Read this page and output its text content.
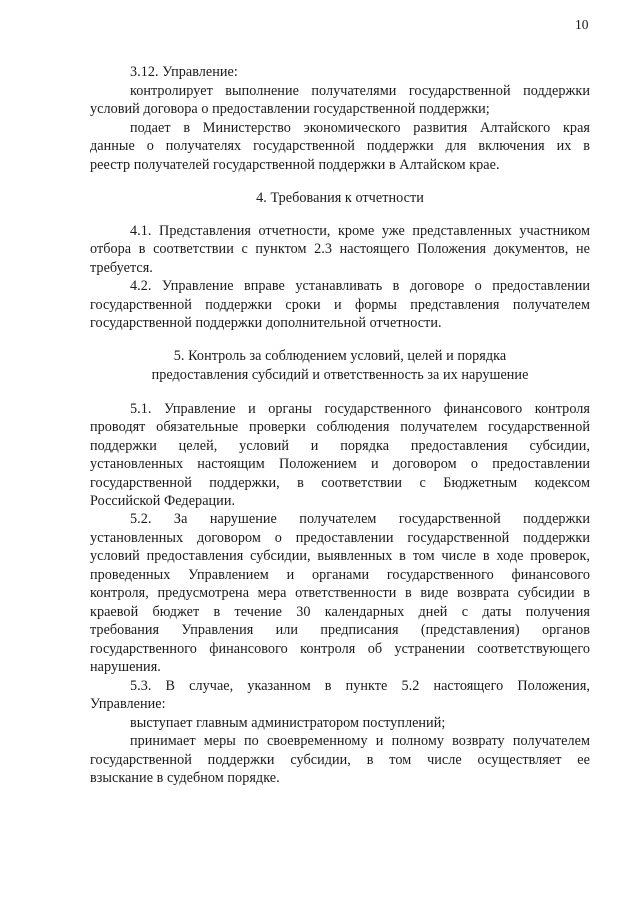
10
3.12. Управление:
контролирует выполнение получателями государственной поддержки
условий договора о предоставлении государственной поддержки;
подает в Министерство экономического развития Алтайского края
данные о получателях государственной поддержки для включения их в
реестр получателей государственной поддержки в Алтайском крае.
4. Требования к отчетности
4.1. Представления отчетности, кроме уже представленных участником
отбора в соответствии с пунктом 2.3 настоящего Положения документов, не
требуется.
4.2. Управление вправе устанавливать в договоре о предоставлении
государственной поддержки сроки и формы представления получателем
государственной поддержки дополнительной отчетности.
5. Контроль за соблюдением условий, целей и порядка
предоставления субсидий и ответственность за их нарушение
5.1. Управление и органы государственного финансового контроля
проводят обязательные проверки соблюдения получателем государственной
поддержки целей, условий и порядка предоставления субсидии,
установленных настоящим Положением и договором о предоставлении
государственной поддержки, в соответствии с Бюджетным кодексом
Российской Федерации.
5.2. За нарушение получателем государственной поддержки
установленных договором о предоставлении государственной поддержки
условий предоставления субсидии, выявленных в том числе в ходе проверок,
проведенных Управлением и органами государственного финансового
контроля, предусмотрена мера ответственности в виде возврата субсидии в
краевой бюджет в течение 30 календарных дней с даты получения
требования Управления или предписания (представления) органов
государственного финансового контроля об устранении соответствующего
нарушения.
5.3. В случае, указанном в пункте 5.2 настоящего Положения,
Управление:
выступает главным администратором поступлений;
принимает меры по своевременному и полному возврату получателем
государственной поддержки субсидии, в том числе осуществляет ее
взыскание в судебном порядке.
